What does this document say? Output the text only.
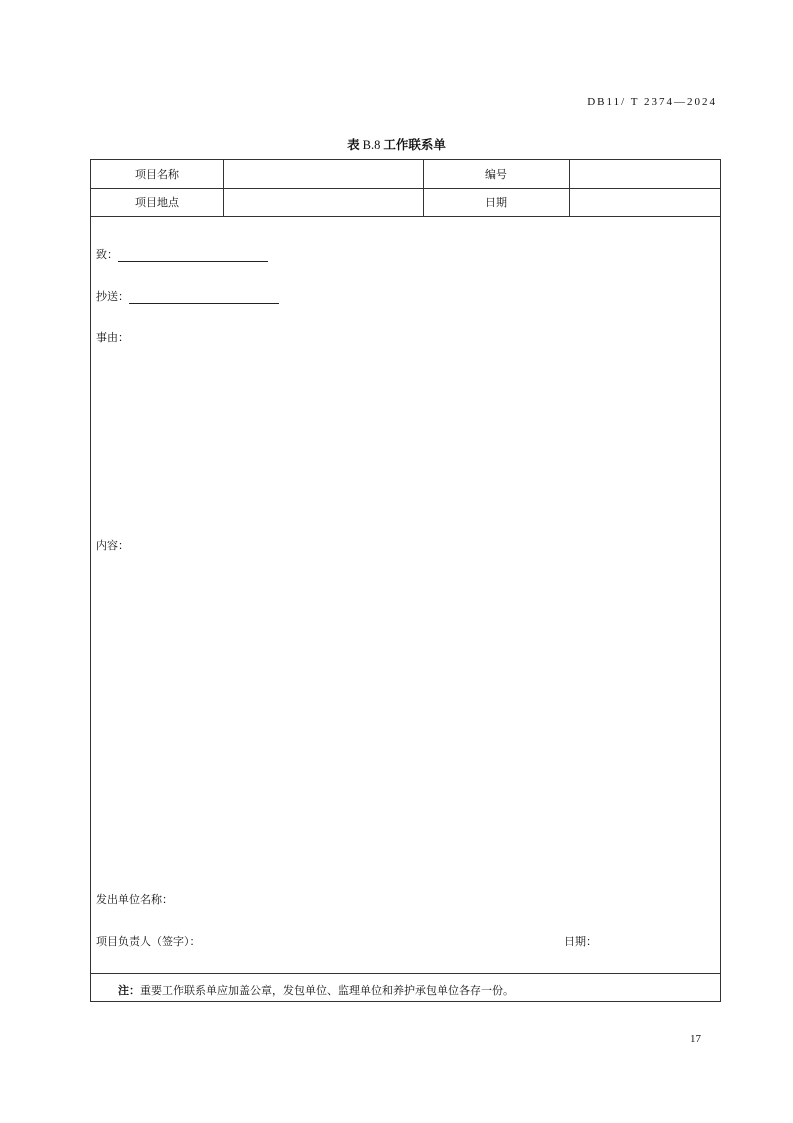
DB11/ T 2374—2024
表 B.8 工作联系单
项目名称	编号
项目地点	日期
致：
抄送：
事由：
内容：
发出单位名称：
项目负责人（签字）：	日期：
注：重要工作联系单应加盖公章，发包单位、监理单位和养护承包单位各存一份。
17
